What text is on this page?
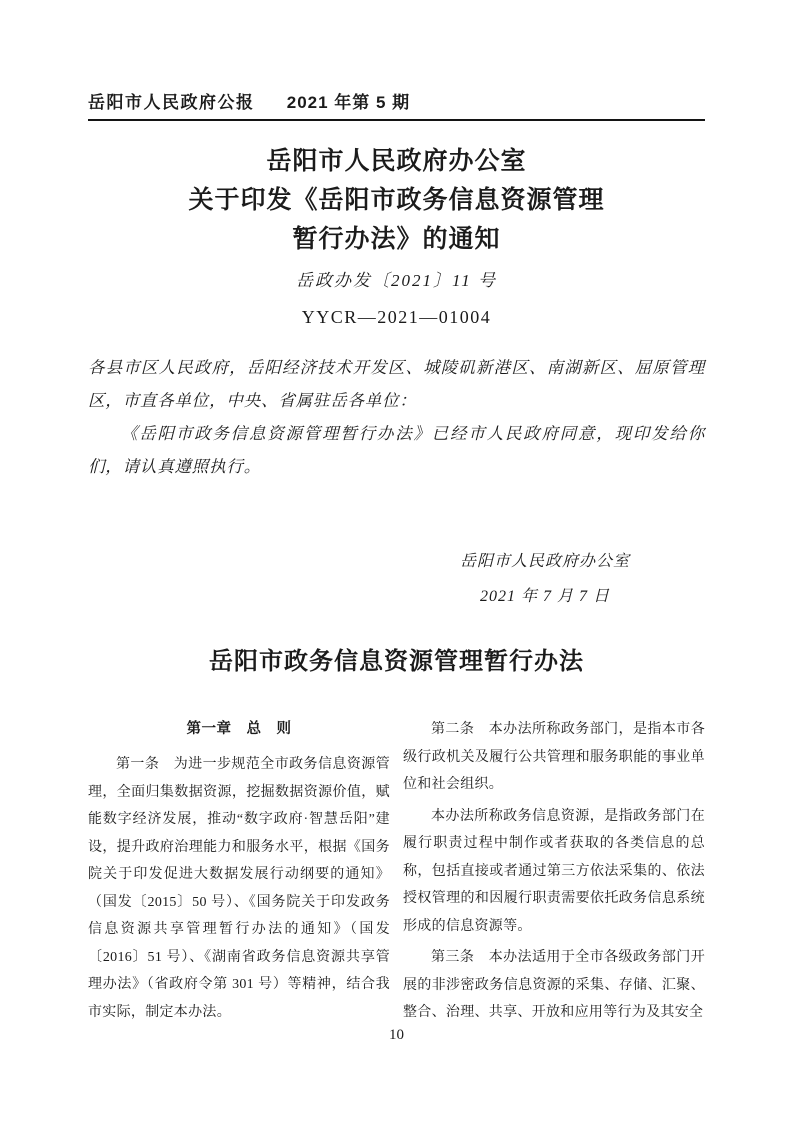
岳阳市人民政府公报 2021 年第 5 期
岳阳市人民政府办公室
关于印发《岳阳市政务信息资源管理
暂行办法》的通知
岳政办发〔2021〕11 号
YYCR—2021—01004

各县市区人民政府，岳阳经济技术开发区、城陵矶新港区、南湖新区、屈原管理区，市直各单位，中央、省属驻岳各单位：

《岳阳市政务信息资源管理暂行办法》已经市人民政府同意，现印发给你们，请认真遵照执行。

岳阳市人民政府办公室
2021 年 7 月 7 日
岳阳市政务信息资源管理暂行办法
第一章　总　则

第一条　为进一步规范全市政务信息资源管理，全面归集数据资源，挖掘数据资源价值，赋能数字经济发展，推动“数字政府·智慧岳阳”建设，提升政府治理能力和服务水平，根据《国务院关于印发促进大数据发展行动纲要的通知》（国发〔2015〕50 号）、《国务院关于印发政务信息资源共享管理暂行办法的通知》（国发〔2016〕51 号）、《湖南省政务信息资源共享管理办法》（省政府令第 301 号）等精神，结合我市实际，制定本办法。

第二条　本办法所称政务部门，是指本市各级行政机关及履行公共管理和服务职能的事业单位和社会组织。

本办法所称政务信息资源，是指政务部门在履行职责过程中制作或者获取的各类信息的总称，包括直接或者通过第三方依法采集的、依法授权管理的和因履行职责需要依托政务信息系统形成的信息资源等。

第三条　本办法适用于全市各级政务部门开展的非涉密政务信息资源的采集、存储、汇聚、整合、治理、共享、开放和应用等行为及其安全

10
